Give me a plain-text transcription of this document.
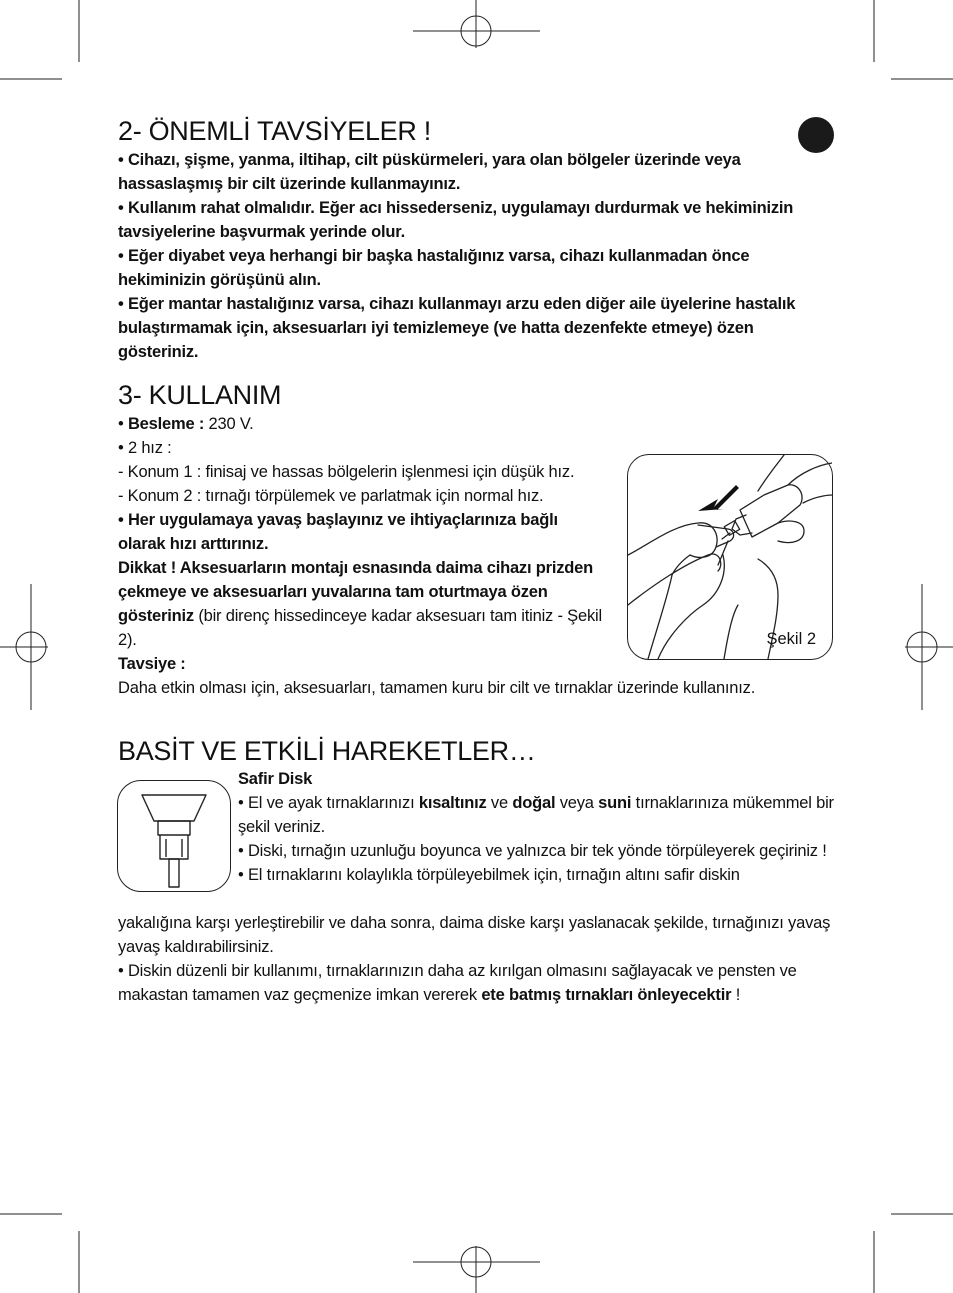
2- ÖNEMLİ TAVSİYELER !

• Cihazı, şişme, yanma, iltihap, cilt püskürmeleri, yara olan bölgeler üzerinde veya hassaslaşmış bir cilt üzerinde kullanmayınız.

• Kullanım rahat olmalıdır. Eğer acı hissederseniz, uygulamayı durdurmak ve hekiminizin tavsiyelerine başvurmak yerinde olur.

• Eğer diyabet veya herhangi bir başka hastalığınız varsa, cihazı kullanmadan önce hekiminizin görüşünü alın.

• Eğer mantar hastalığınız varsa, cihazı kullanmayı arzu eden diğer aile üyelerine hastalık bulaştırmamak için, aksesuarları iyi temizlemeye (ve hatta dezenfekte etmeye) özen gösteriniz.

3- KULLANIM

• Besleme : 230 V.

• 2 hız :

- Konum 1 : finisaj ve hassas bölgelerin işlenmesi için düşük hız.

- Konum 2 : tırnağı törpülemek ve parlatmak için normal hız.

• Her uygulamaya yavaş başlayınız ve ihtiyaçlarınıza bağlı olarak hızı arttırınız.

Dikkat ! Aksesuarların montajı esnasında daima cihazı prizden çekmeye ve aksesuarları yuvalarına tam oturtmaya özen gösteriniz (bir direnç hissedinceye kadar aksesuarı tam itiniz - Şekil 2).

Tavsiye :

Daha etkin olması için, aksesuarları, tamamen kuru bir cilt ve tırnaklar üzerinde kullanınız.

Şekil 2
BASİT VE ETKİLİ HAREKETLER…

Safir Disk

• El ve ayak tırnaklarınızı kısaltınız ve doğal veya suni tırnaklarınıza mükemmel bir şekil veriniz.

• Diski, tırnağın uzunluğu boyunca ve yalnızca bir tek yönde törpüleyerek geçiriniz !

• El tırnaklarını kolaylıkla törpüleyebilmek için, tırnağın altını safir diskin

yakalığına karşı yerleştirebilir ve daha sonra, daima diske karşı yaslanacak şekilde, tırnağınızı yavaş yavaş kaldırabilirsiniz.

• Diskin düzenli bir kullanımı, tırnaklarınızın daha az kırılgan olmasını sağlayacak ve pensten ve makastan tamamen vaz geçmenize imkan vererek ete batmış tırnakları önleyecektir !
